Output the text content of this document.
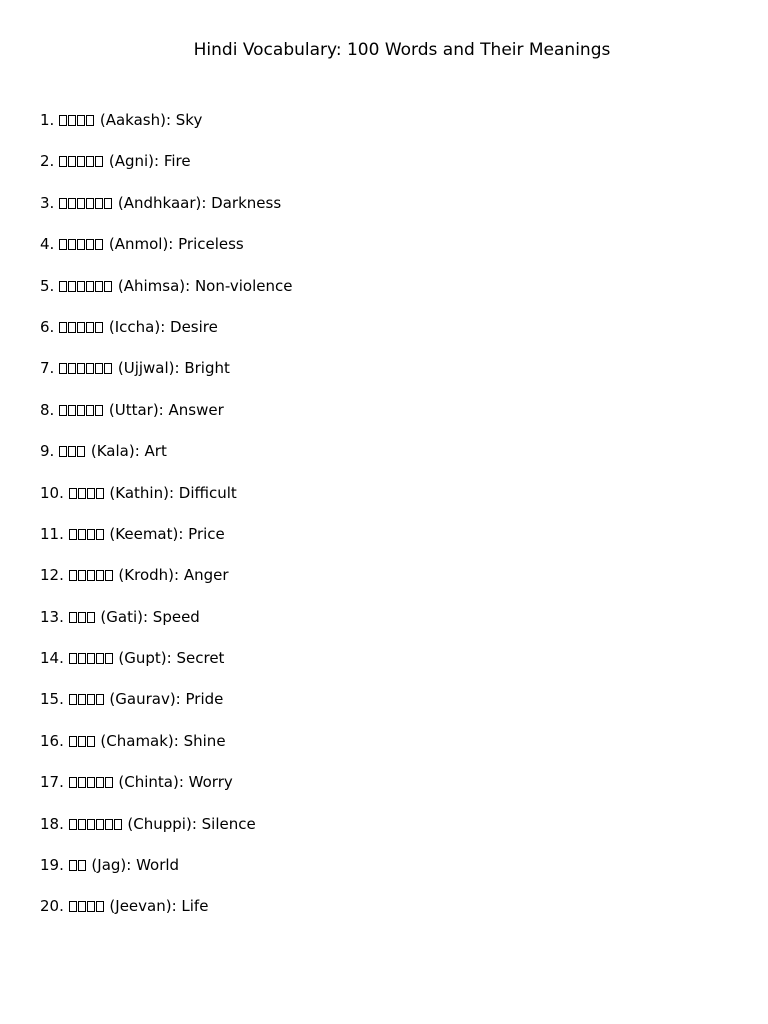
Hindi Vocabulary: 100 Words and Their Meanings
1.	(Aakash): Sky
2.	(Agni): Fire
3.	(Andhkaar): Darkness
4.	(Anmol): Priceless
5.	(Ahimsa): Non-violence
6.	(Iccha): Desire
7.	(Ujjwal): Bright
8.	(Uttar): Answer
9. (Kala): Art
10.	(Kathin): Difficult
11.	(Keemat): Price
12.	(Krodh): Anger
13. (Gati): Speed
14.	(Gupt): Secret
15.	(Gaurav): Pride
16. (Chamak): Shine
17.	(Chinta): Worry
18.	(Chuppi): Silence
19. (Jag): World
20.	(Jeevan): Life
